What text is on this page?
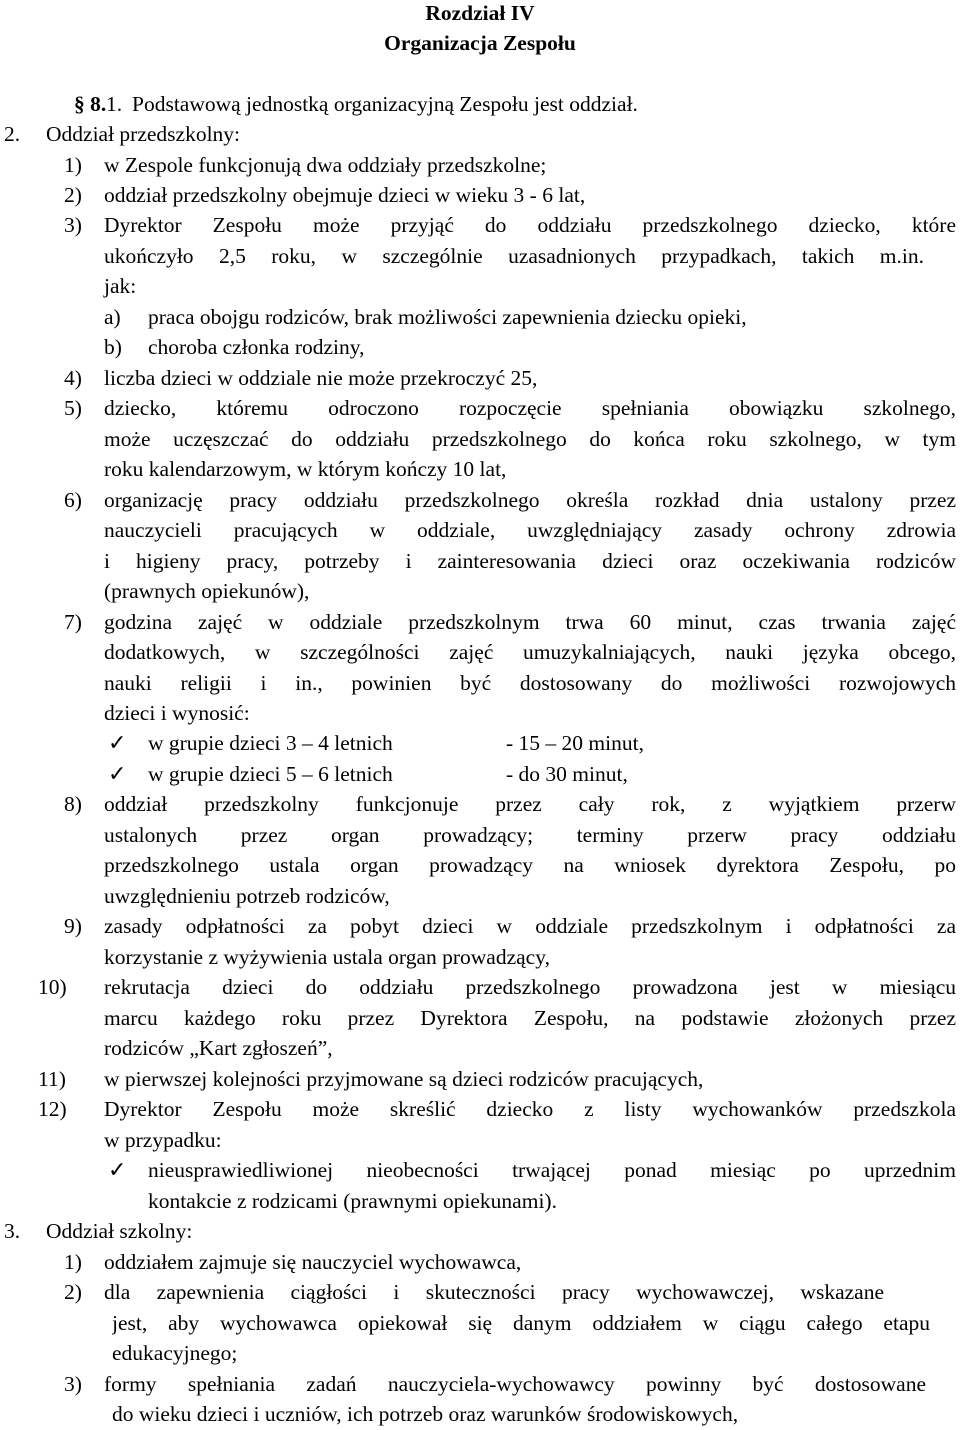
Rozdział IV
Organizacja Zespołu
§ 8. 1. Podstawową jednostką organizacyjną Zespołu jest oddział.
2. Oddział przedszkolny:
1) w Zespole funkcjonują dwa oddziały przedszkolne;
2) oddział przedszkolny obejmuje dzieci w wieku 3 - 6 lat,
3) Dyrektor Zespołu może przyjąć do oddziału przedszkolnego dziecko, które
ukończyło 2,5 roku, w szczególnie uzasadnionych przypadkach, takich m.in.
jak:
a) praca obojgu rodziców, brak możliwości zapewnienia dziecku opieki,
b) choroba członka rodziny,
4) liczba dzieci w oddziale nie może przekroczyć 25,
5) dziecko, któremu odroczono rozpoczęcie spełniania obowiązku szkolnego,
może uczęszczać do oddziału przedszkolnego do końca roku szkolnego, w tym
roku kalendarzowym, w którym kończy 10 lat,
6) organizację pracy oddziału przedszkolnego określa rozkład dnia ustalony przez
nauczycieli pracujących w oddziale, uwzględniający zasady ochrony zdrowia
i higieny pracy, potrzeby i zainteresowania dzieci oraz oczekiwania rodziców
(prawnych opiekunów),
7) godzina zajęć w oddziale przedszkolnym trwa 60 minut, czas trwania zajęć
dodatkowych, w szczególności zajęć umuzykalniających, nauki języka obcego,
nauki religii i in., powinien być dostosowany do możliwości rozwojowych
dzieci i wynosić:
✓ w grupie dzieci 3 – 4 letnich	- 15 – 20 minut,
✓ w grupie dzieci 5 – 6 letnich	- do 30 minut,
8) oddział przedszkolny funkcjonuje przez cały rok, z wyjątkiem przerw
ustalonych przez organ prowadzący; terminy przerw pracy oddziału
przedszkolnego ustala organ prowadzący na wniosek dyrektora Zespołu, po
uwzględnieniu potrzeb rodziców,
9) zasady odpłatności za pobyt dzieci w oddziale przedszkolnym i odpłatności za
korzystanie z wyżywienia ustala organ prowadzący,
10) rekrutacja dzieci do oddziału przedszkolnego prowadzona jest w miesiącu
marcu każdego roku przez Dyrektora Zespołu, na podstawie złożonych przez
rodziców „Kart zgłoszeń”,
11) w pierwszej kolejności przyjmowane są dzieci rodziców pracujących,
12) Dyrektor Zespołu może skreślić dziecko z listy wychowanków przedszkola
w przypadku:
✓ nieusprawiedliwionej nieobecności trwającej ponad miesiąc po uprzednim
kontakcie z rodzicami (prawnymi opiekunami).
3. Oddział szkolny:
1) oddziałem zajmuje się nauczyciel wychowawca,
2) dla zapewnienia ciągłości i skuteczności pracy wychowawczej, wskazane
jest, aby wychowawca opiekował się danym oddziałem w ciągu całego etapu
edukacyjnego;
3) formy spełniania zadań nauczyciela-wychowawcy powinny być dostosowane
do wieku dzieci i uczniów, ich potrzeb oraz warunków środowiskowych,
